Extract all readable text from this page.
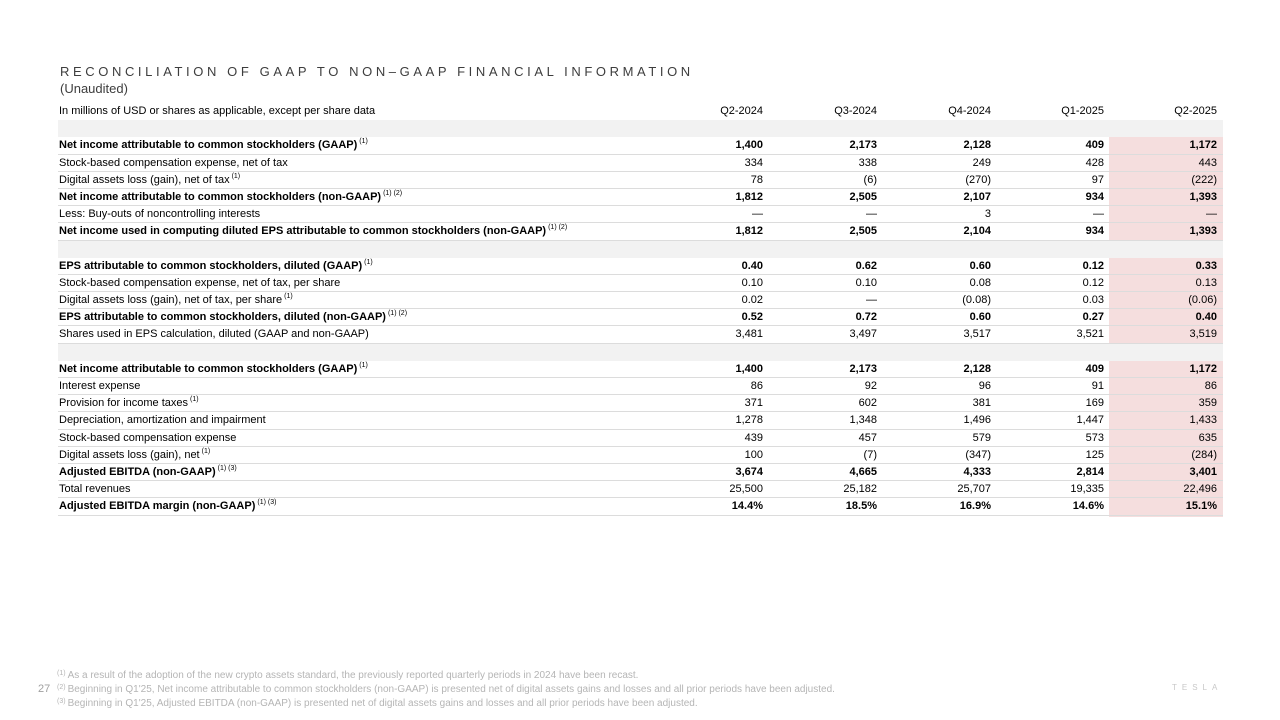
RECONCILIATION OF GAAP TO NON–GAAP FINANCIAL INFORMATION
(Unaudited)
In millions of USD or shares as applicable, except per share data	Q2-2024	Q3-2024	Q4-2024	Q1-2025	Q2-2025
Net income attributable to common stockholders (GAAP) $^{(1)}$	1,400	2,173	2,128	409	1,172
Stock-based compensation expense, net of tax	334	338	249	428	443
Digital assets loss (gain), net of tax $^{(1)}$	78	(6)	(270)	97	(222)
Net income attributable to common stockholders (non-GAAP) $^{(1) (2)}$	1,812	2,505	2,107	934	1,393
Less: Buy-outs of noncontrolling interests	—	—	3	—	—
Net income used in computing diluted EPS attributable to common stockholders (non-GAAP) $^{(1) (2)}$	1,812	2,505	2,104	934	1,393
EPS attributable to common stockholders, diluted (GAAP) $^{(1)}$	0.40	0.62	0.60	0.12	0.33
Stock-based compensation expense, net of tax, per share	0.10	0.10	0.08	0.12	0.13
Digital assets loss (gain), net of tax, per share $^{(1)}$	0.02	—	(0.08)	0.03	(0.06)
EPS attributable to common stockholders, diluted (non-GAAP) $^{(1) (2)}$	0.52	0.72	0.60	0.27	0.40
Shares used in EPS calculation, diluted (GAAP and non-GAAP)	3,481	3,497	3,517	3,521	3,519
Net income attributable to common stockholders (GAAP) $^{(1)}$	1,400	2,173	2,128	409	1,172
Interest expense	86	92	96	91	86
Provision for income taxes $^{(1)}$	371	602	381	169	359
Depreciation, amortization and impairment	1,278	1,348	1,496	1,447	1,433
Stock-based compensation expense	439	457	579	573	635
Digital assets loss (gain), net $^{(1)}$	100	(7)	(347)	125	(284)
Adjusted EBITDA (non-GAAP) $^{(1) (3)}$	3,674	4,665	4,333	2,814	3,401
Total revenues	25,500	25,182	25,707	19,335	22,496
Adjusted EBITDA margin (non-GAAP) $^{(1) (3)}$	14.4%	18.5%	16.9%	14.6%	15.1%
27
$^{(1)}$ As a result of the adoption of the new crypto assets standard, the previously reported quarterly periods in 2024 have been recast.
$^{(2)}$ Beginning in Q1'25, Net income attributable to common stockholders (non-GAAP) is presented net of digital assets gains and losses and all prior periods have been adjusted.
$^{(3)}$ Beginning in Q1'25, Adjusted EBITDA (non-GAAP) is presented net of digital assets gains and losses and all prior periods have been adjusted.
TESLA
